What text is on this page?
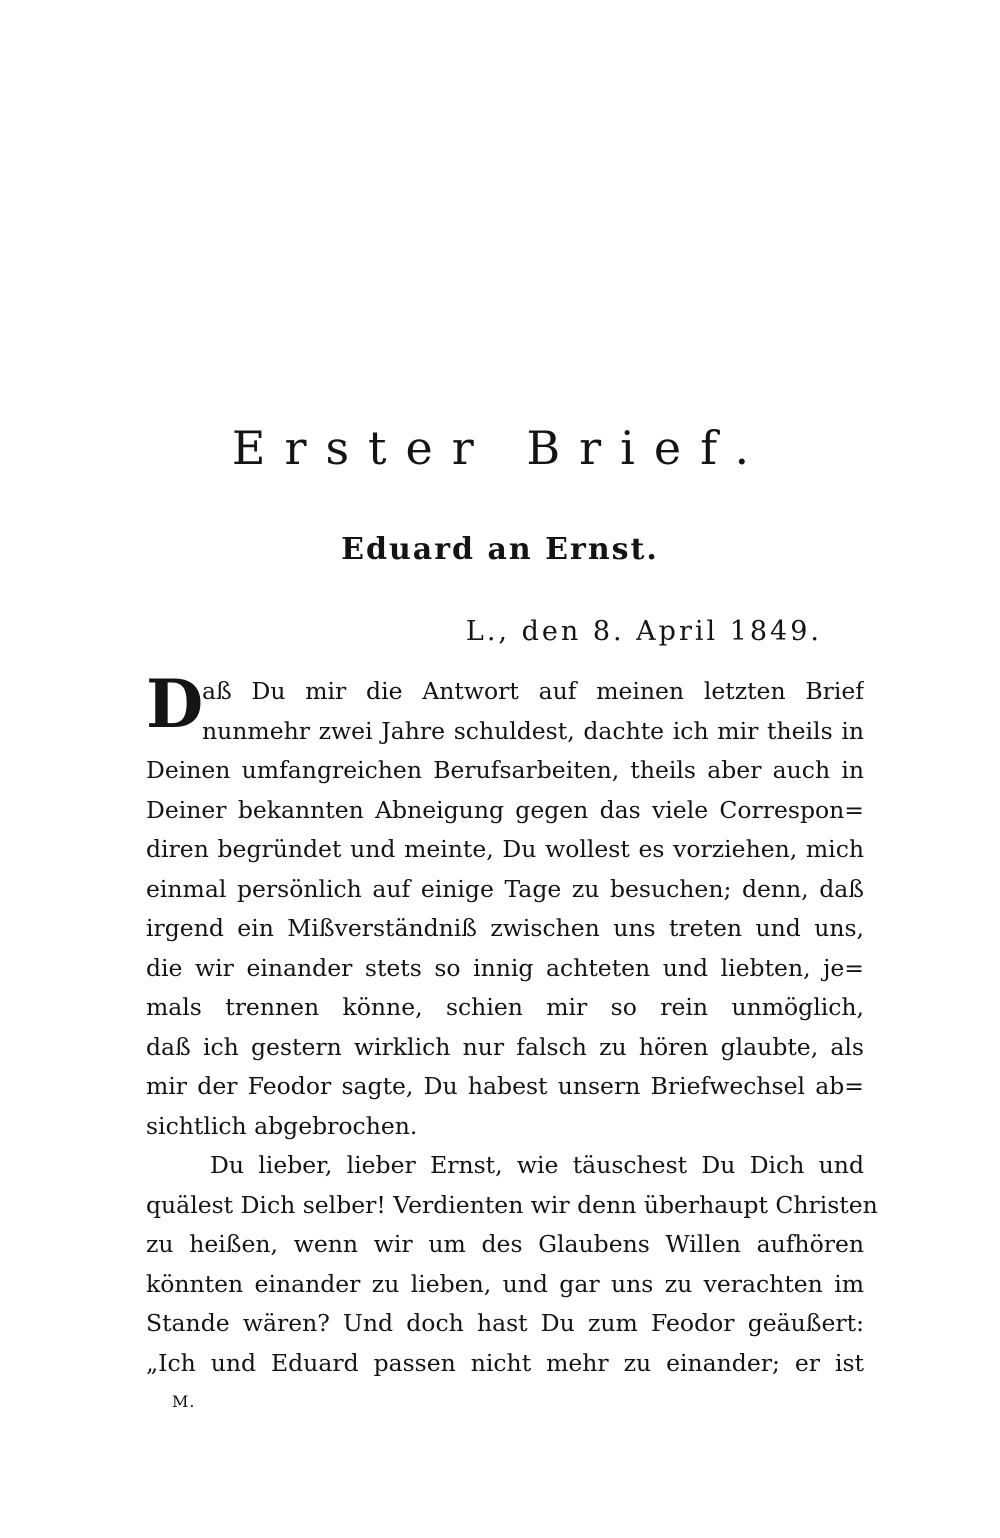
Erster Brief.
Eduard an Ernst.
L., den 8. April 1849.
D
aß Du mir die Antwort auf meinen letzten Brief
nunmehr zwei Jahre schuldest, dachte ich mir theils in
Deinen umfangreichen Berufsarbeiten, theils aber auch in
Deiner bekannten Abneigung gegen das viele Correspon=
diren begründet und meinte, Du wollest es vorziehen, mich
einmal persönlich auf einige Tage zu besuchen; denn, daß
irgend ein Mißverständniß zwischen uns treten und uns,
die wir einander stets so innig achteten und liebten, je=
mals trennen könne, schien mir so rein unmöglich,
daß ich gestern wirklich nur falsch zu hören glaubte, als
mir der Feodor sagte, Du habest unsern Briefwechsel ab=
sichtlich abgebrochen.
Du lieber, lieber Ernst, wie täuschest Du Dich und
quälest Dich selber! Verdienten wir denn überhaupt Christen
zu heißen, wenn wir um des Glaubens Willen aufhören
könnten einander zu lieben, und gar uns zu verachten im
Stande wären? Und doch hast Du zum Feodor geäußert:
„Ich und Eduard passen nicht mehr zu einander; er ist
M.
